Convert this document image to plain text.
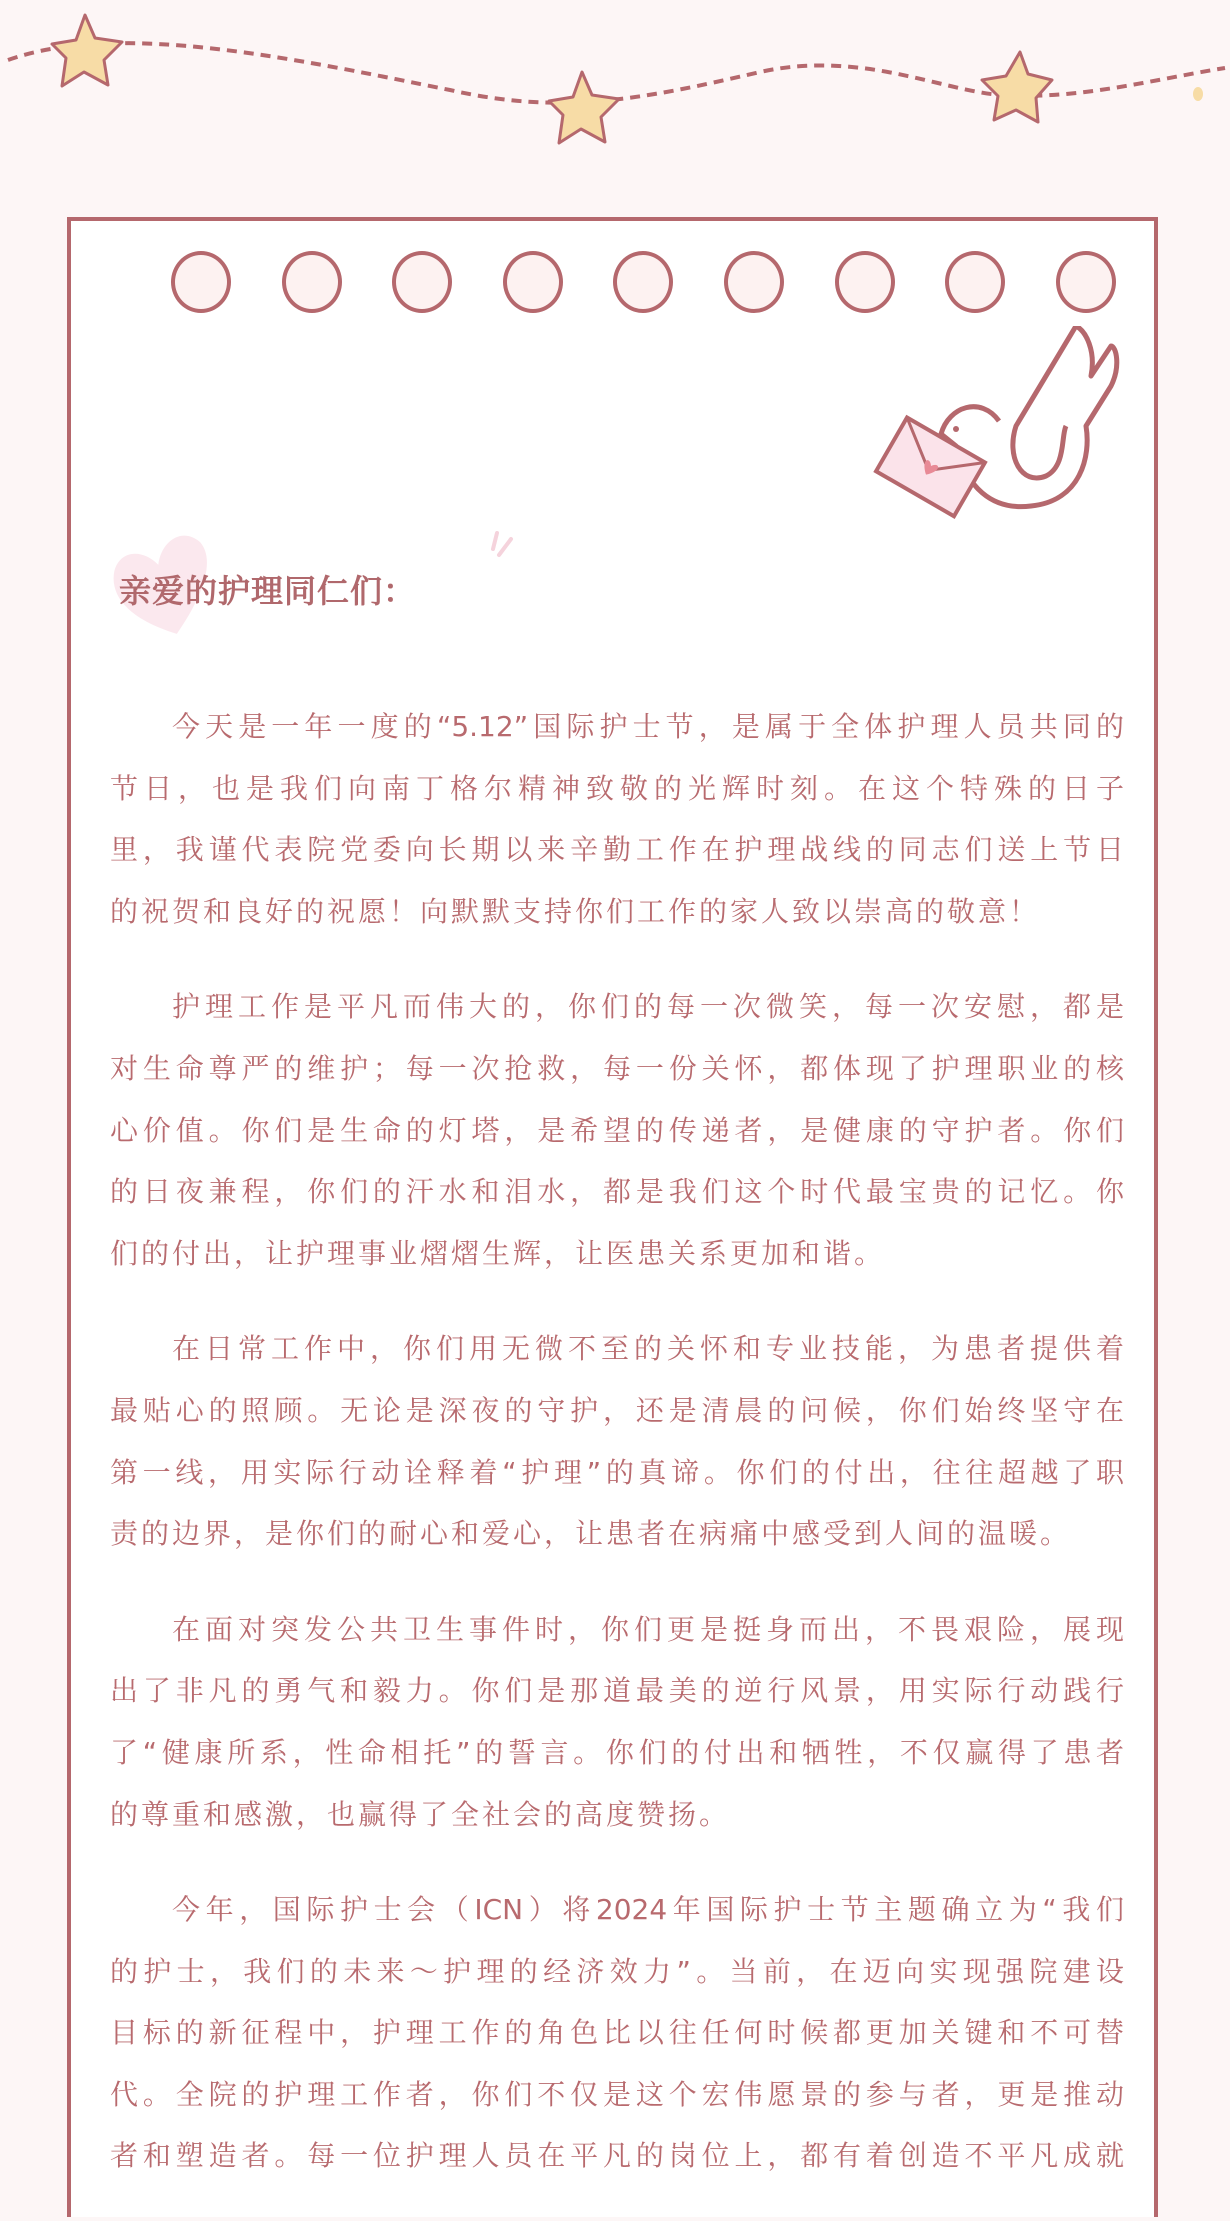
亲爱的护理同仁们：
今天是一年一度的“5.12”国际护士节，是属于全体护理人员共同的
节日，也是我们向南丁格尔精神致敬的光辉时刻。在这个特殊的日子
里，我谨代表院党委向长期以来辛勤工作在护理战线的同志们送上节日
的祝贺和良好的祝愿！向默默支持你们工作的家人致以崇高的敬意！
护理工作是平凡而伟大的，你们的每一次微笑，每一次安慰，都是
对生命尊严的维护；每一次抢救，每一份关怀，都体现了护理职业的核
心价值。你们是生命的灯塔，是希望的传递者，是健康的守护者。你们
的日夜兼程，你们的汗水和泪水，都是我们这个时代最宝贵的记忆。你
们的付出，让护理事业熠熠生辉，让医患关系更加和谐。
在日常工作中，你们用无微不至的关怀和专业技能，为患者提供着
最贴心的照顾。无论是深夜的守护，还是清晨的问候，你们始终坚守在
第一线，用实际行动诠释着“护理”的真谛。你们的付出，往往超越了职
责的边界，是你们的耐心和爱心，让患者在病痛中感受到人间的温暖。
在面对突发公共卫生事件时，你们更是挺身而出，不畏艰险，展现
出了非凡的勇气和毅力。你们是那道最美的逆行风景，用实际行动践行
了“健康所系，性命相托”的誓言。你们的付出和牺牲，不仅赢得了患者
的尊重和感激，也赢得了全社会的高度赞扬。
今年，国际护士会（ICN）将2024年国际护士节主题确立为“我们
的护士，我们的未来～护理的经济效力”。当前，在迈向实现强院建设
目标的新征程中，护理工作的角色比以往任何时候都更加关键和不可替
代。全院的护理工作者，你们不仅是这个宏伟愿景的参与者，更是推动
者和塑造者。每一位护理人员在平凡的岗位上，都有着创造不平凡成就
